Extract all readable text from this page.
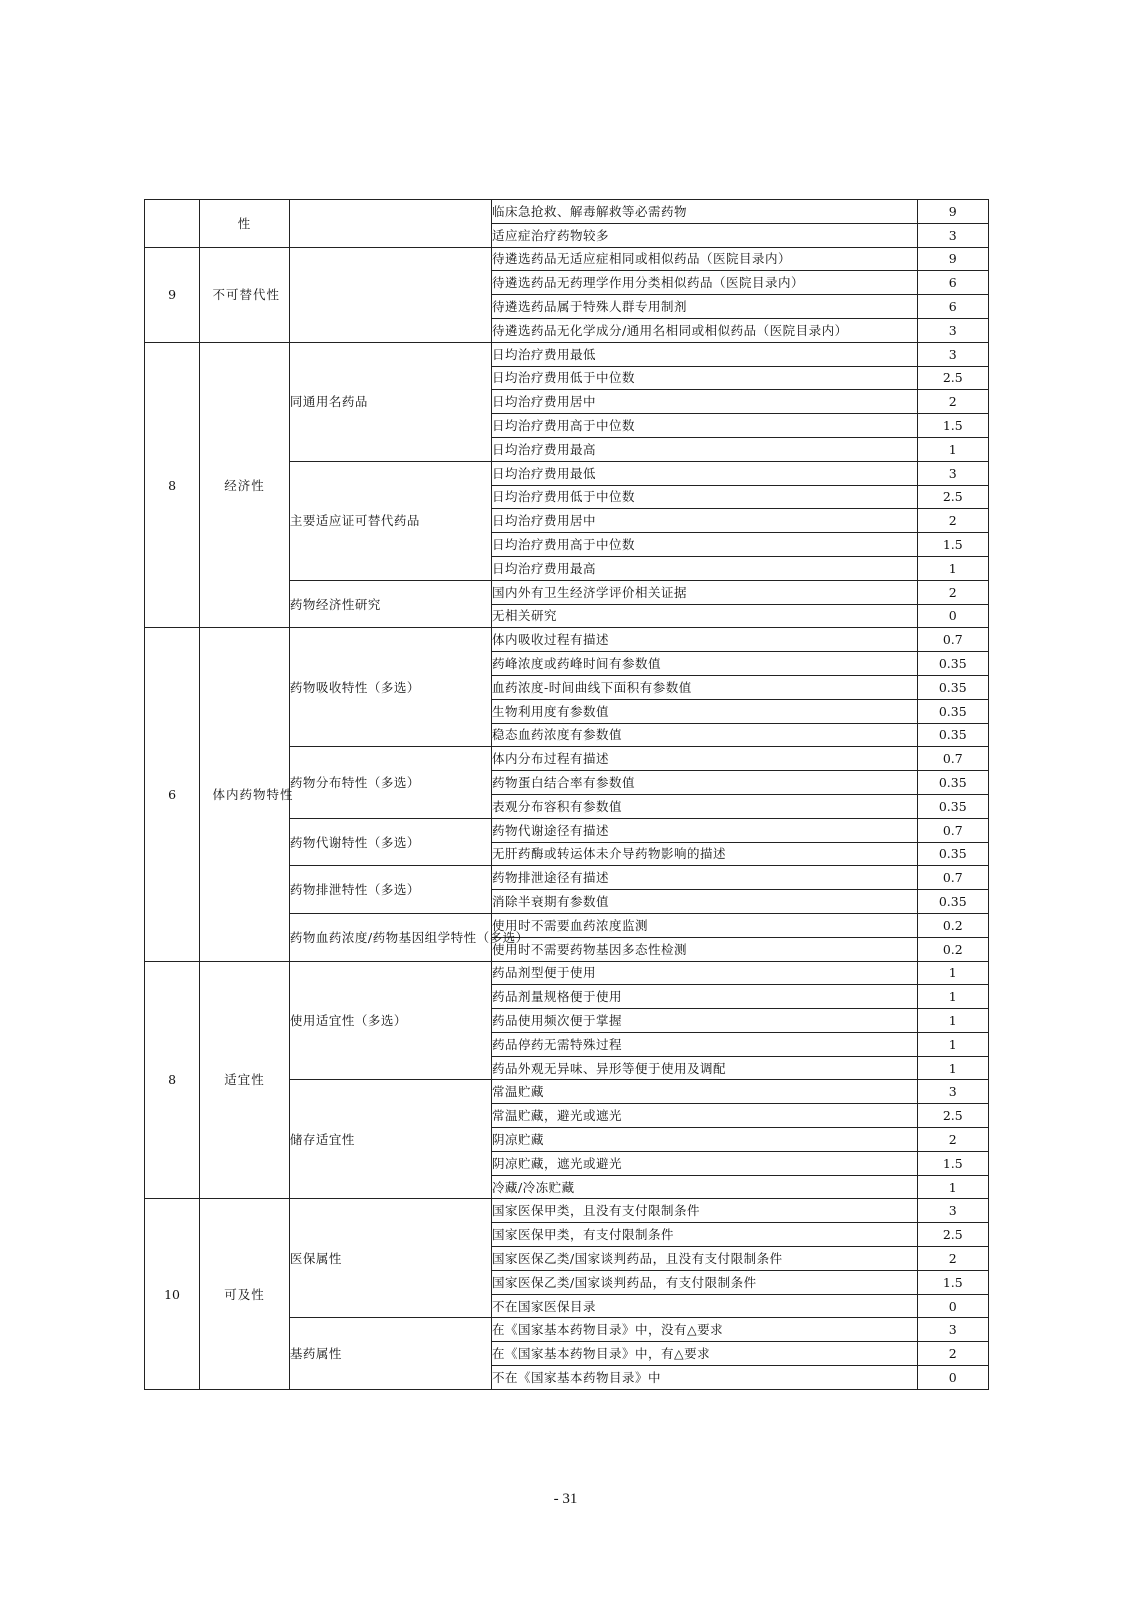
	性		临床急抢救、解毒解救等必需药物	9
			适应症治疗药物较多	3
9	不可替代性		待遴选药品无适应症相同或相似药品（医院目录内）	9
			待遴选药品无药理学作用分类相似药品（医院目录内）	6
			待遴选药品属于特殊人群专用制剂	6
			待遴选药品无化学成分/通用名相同或相似药品（医院目录内）	3
8	经济性	同通用名药品	日均治疗费用最低	3
			日均治疗费用低于中位数	2.5
			日均治疗费用居中	2
			日均治疗费用高于中位数	1.5
			日均治疗费用最高	1
		主要适应证可替代药品	日均治疗费用最低	3
			日均治疗费用低于中位数	2.5
			日均治疗费用居中	2
			日均治疗费用高于中位数	1.5
			日均治疗费用最高	1
		药物经济性研究	国内外有卫生经济学评价相关证据	2
			无相关研究	0
6	体内药物特性	药物吸收特性（多选）	体内吸收过程有描述	0.7
			药峰浓度或药峰时间有参数值	0.35
			血药浓度-时间曲线下面积有参数值	0.35
			生物利用度有参数值	0.35
			稳态血药浓度有参数值	0.35
		药物分布特性（多选）	体内分布过程有描述	0.7
			药物蛋白结合率有参数值	0.35
			表观分布容积有参数值	0.35
		药物代谢特性（多选）	药物代谢途径有描述	0.7
			无肝药酶或转运体未介导药物影响的描述	0.35
		药物排泄特性（多选）	药物排泄途径有描述	0.7
			消除半衰期有参数值	0.35
		药物血药浓度/药物基因组学特性（多选）	使用时不需要血药浓度监测	0.2
			使用时不需要药物基因多态性检测	0.2
8	适宜性	使用适宜性（多选）	药品剂型便于使用	1
			药品剂量规格便于使用	1
			药品使用频次便于掌握	1
			药品停药无需特殊过程	1
			药品外观无异味、异形等便于使用及调配	1
		储存适宜性	常温贮藏	3
			常温贮藏，避光或遮光	2.5
			阴凉贮藏	2
			阴凉贮藏，遮光或避光	1.5
			冷藏/冷冻贮藏	1
10	可及性	医保属性	国家医保甲类，且没有支付限制条件	3
			国家医保甲类，有支付限制条件	2.5
			国家医保乙类/国家谈判药品，且没有支付限制条件	2
			国家医保乙类/国家谈判药品，有支付限制条件	1.5
			不在国家医保目录	0
		基药属性	在《国家基本药物目录》中，没有△要求	3
			在《国家基本药物目录》中，有△要求	2
			不在《国家基本药物目录》中	0
- 31
